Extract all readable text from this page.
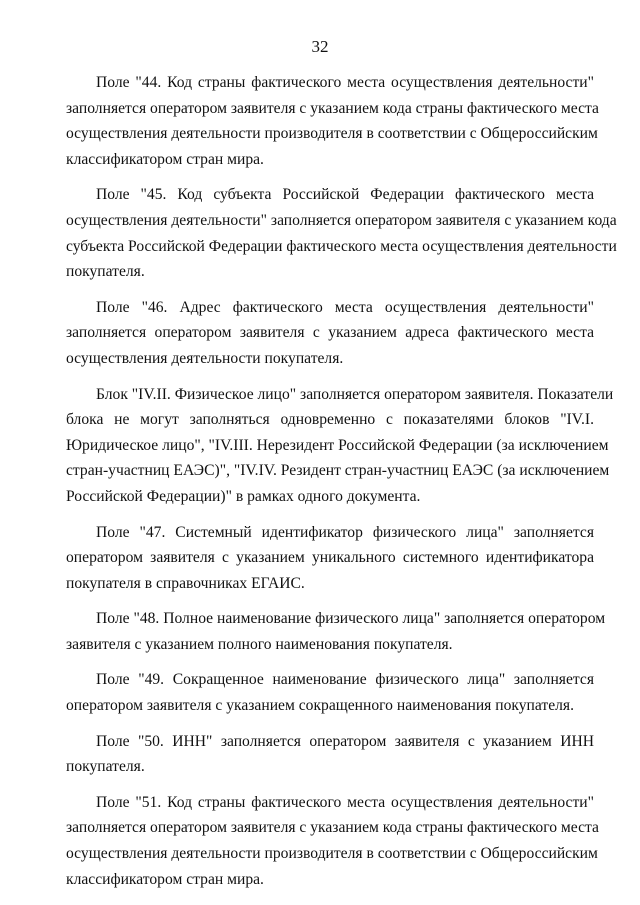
32

Поле "44. Код страны фактического места осуществления деятельности"
заполняется оператором заявителя с указанием кода страны фактического места
осуществления деятельности производителя в соответствии с Общероссийским
классификатором стран мира.

Поле "45. Код субъекта Российской Федерации фактического места
осуществления деятельности" заполняется оператором заявителя с указанием кода
субъекта Российской Федерации фактического места осуществления деятельности
покупателя.

Поле "46. Адрес фактического места осуществления деятельности"
заполняется оператором заявителя с указанием адреса фактического места
осуществления деятельности покупателя.

Блок "IV.II. Физическое лицо" заполняется оператором заявителя. Показатели
блока не могут заполняться одновременно с показателями блоков "IV.I.
Юридическое лицо", "IV.III. Нерезидент Российской Федерации (за исключением
стран-участниц ЕАЭС)", "IV.IV. Резидент стран-участниц ЕАЭС (за исключением
Российской Федерации)" в рамках одного документа.

Поле "47. Системный идентификатор физического лица" заполняется
оператором заявителя с указанием уникального системного идентификатора
покупателя в справочниках ЕГАИС.

Поле "48. Полное наименование физического лица" заполняется оператором
заявителя с указанием полного наименования покупателя.

Поле "49. Сокращенное наименование физического лица" заполняется
оператором заявителя с указанием сокращенного наименования покупателя.

Поле "50. ИНН" заполняется оператором заявителя с указанием ИНН
покупателя.

Поле "51. Код страны фактического места осуществления деятельности"
заполняется оператором заявителя с указанием кода страны фактического места
осуществления деятельности производителя в соответствии с Общероссийским
классификатором стран мира.
